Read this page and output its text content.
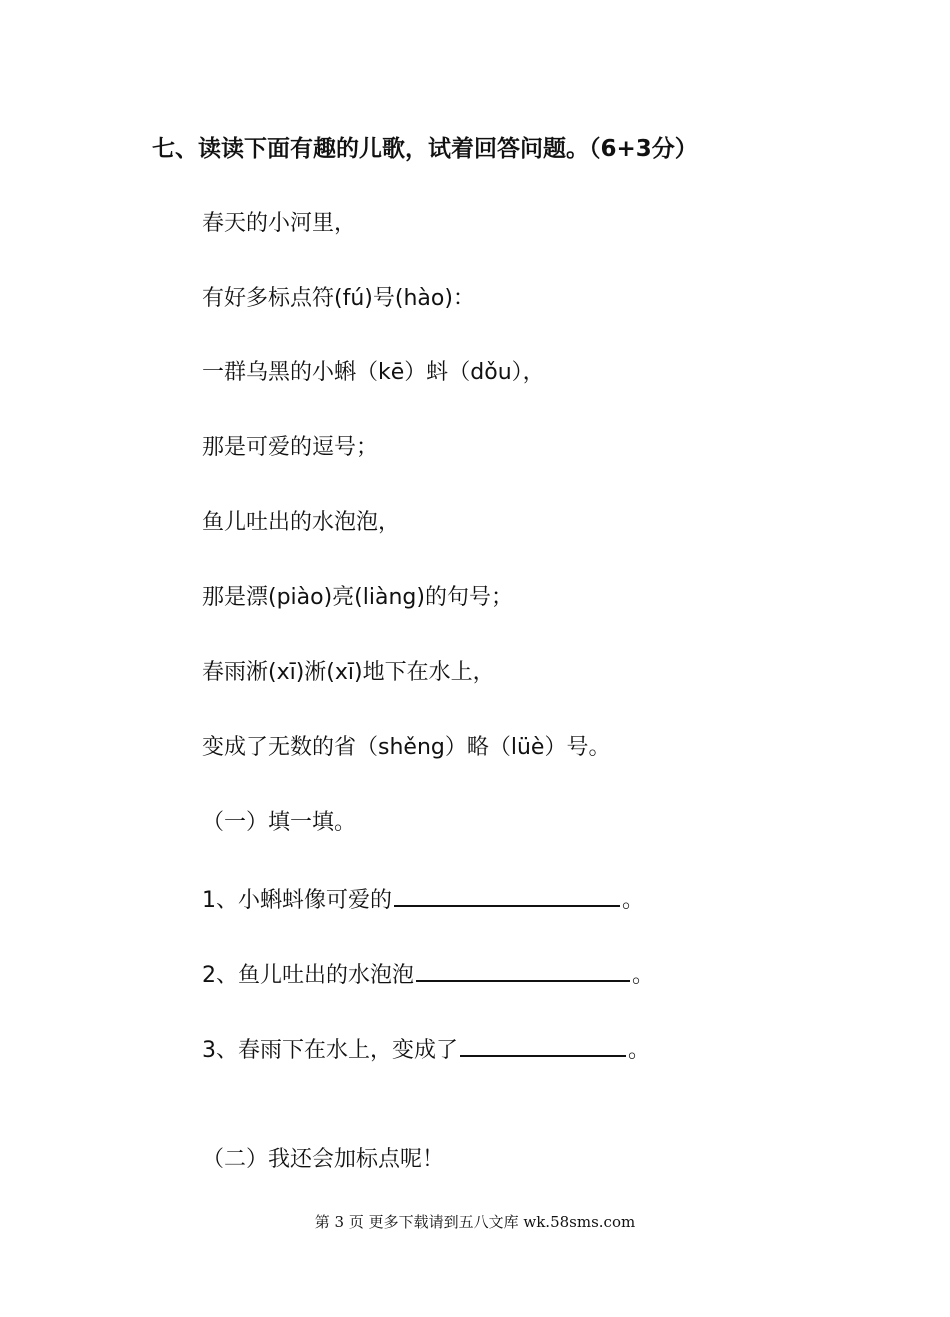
七、读读下面有趣的儿歌，试着回答问题。（6+3分）
春天的小河里，
有好多标点符(fú)号(hào)：
一群乌黑的小蝌（kē）蚪（dǒu），
那是可爱的逗号；
鱼儿吐出的水泡泡，
那是漂(piào)亮(liàng)的句号；
春雨淅(xī)淅(xī)地下在水上，
变成了无数的省（shěng）略（lüè）号。
（一）填一填。
1、小蝌蚪像可爱的	。
2、鱼儿吐出的水泡泡	。
3、春雨下在水上，变成了	。
（二）我还会加标点呢！
第 3 页 更多下载请到五八文库 wk.58sms.com
